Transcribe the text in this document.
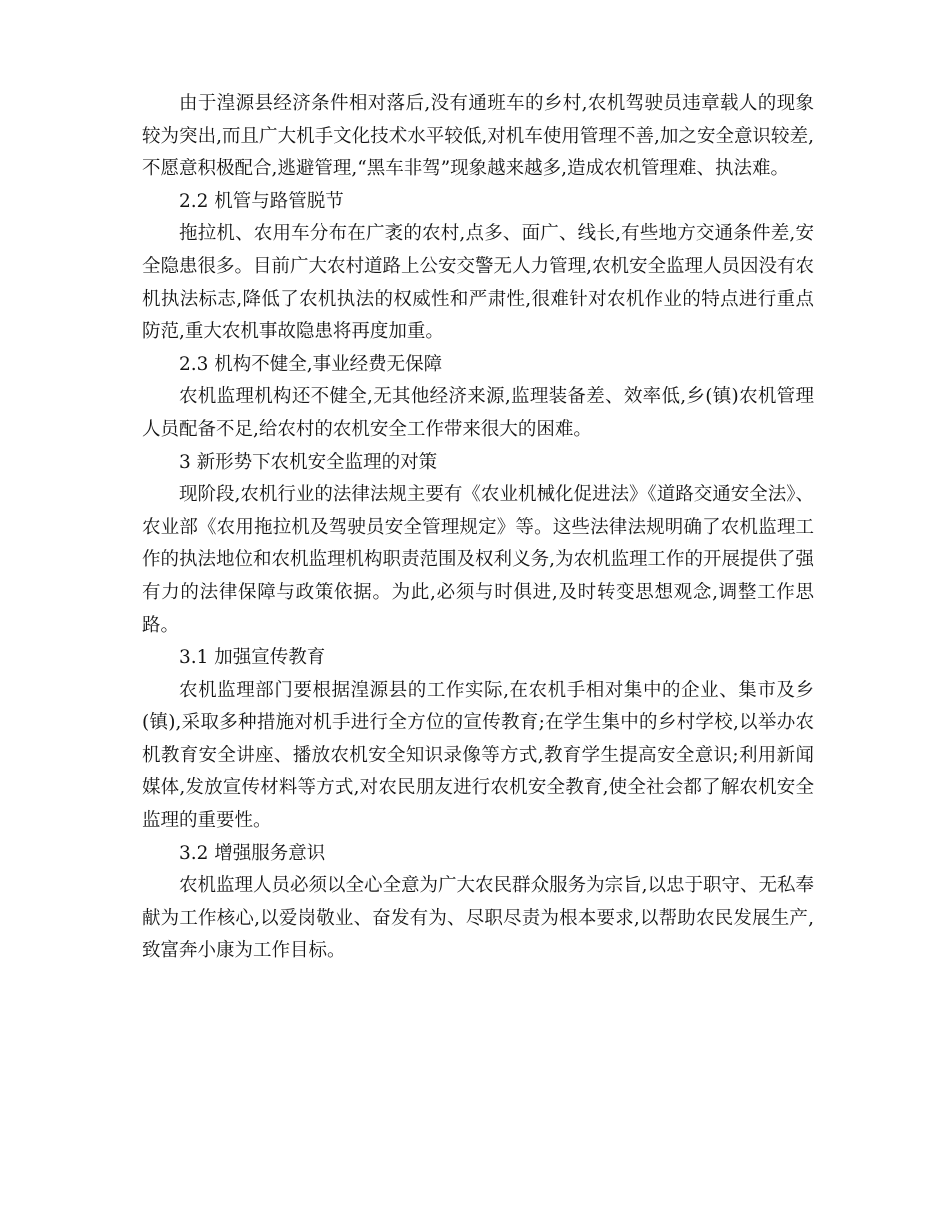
由于湟源县经济条件相对落后,没有通班车的乡村,农机驾驶员违章载人的现象较为突出,而且广大机手文化技术水平较低,对机车使用管理不善,加之安全意识较差,不愿意积极配合,逃避管理,“黑车非驾”现象越来越多,造成农机管理难、执法难。

2.2 机管与路管脱节

拖拉机、农用车分布在广袤的农村,点多、面广、线长,有些地方交通条件差,安全隐患很多。目前广大农村道路上公安交警无人力管理,农机安全监理人员因没有农机执法标志,降低了农机执法的权威性和严肃性,很难针对农机作业的特点进行重点防范,重大农机事故隐患将再度加重。

2.3 机构不健全,事业经费无保障

农机监理机构还不健全,无其他经济来源,监理装备差、效率低,乡(镇)农机管理人员配备不足,给农村的农机安全工作带来很大的困难。

3 新形势下农机安全监理的对策

现阶段,农机行业的法律法规主要有《农业机械化促进法》《道路交通安全法》、农业部《农用拖拉机及驾驶员安全管理规定》等。这些法律法规明确了农机监理工作的执法地位和农机监理机构职责范围及权利义务,为农机监理工作的开展提供了强有力的法律保障与政策依据。为此,必须与时俱进,及时转变思想观念,调整工作思路。

3.1 加强宣传教育

农机监理部门要根据湟源县的工作实际,在农机手相对集中的企业、集市及乡(镇),采取多种措施对机手进行全方位的宣传教育;在学生集中的乡村学校,以举办农机教育安全讲座、播放农机安全知识录像等方式,教育学生提高安全意识;利用新闻媒体,发放宣传材料等方式,对农民朋友进行农机安全教育,使全社会都了解农机安全监理的重要性。

3.2 增强服务意识

农机监理人员必须以全心全意为广大农民群众服务为宗旨,以忠于职守、无私奉献为工作核心,以爱岗敬业、奋发有为、尽职尽责为根本要求,以帮助农民发展生产,致富奔小康为工作目标。
